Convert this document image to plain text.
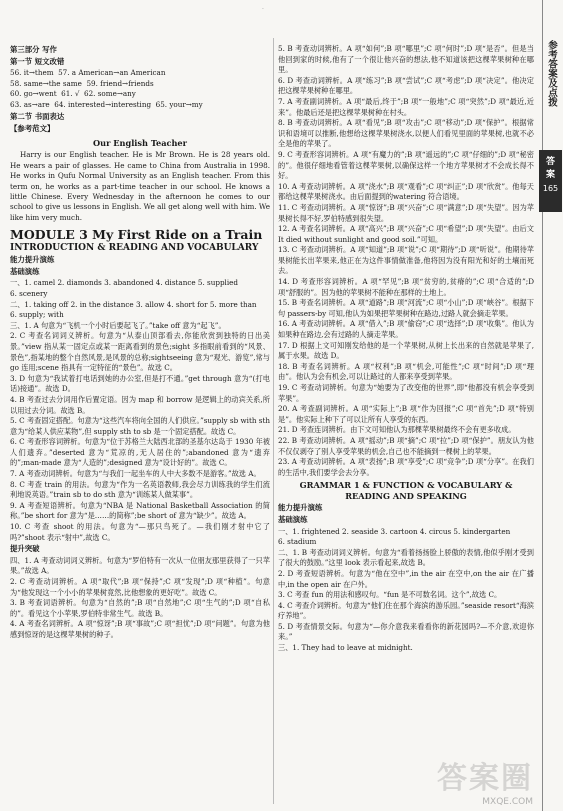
·
第三部分 写作
第一节 短文改错
56. it→them  57. a American→an American
58. same→the same  59. friend→friends
60. go→went  61. √  62. some→any
63. as→are  64. interested→interesting  65. your→my
第二节 书面表达
【参考范文】
Our English Teacher

Harry is our English teacher. He is Mr Brown. He is 28 years old. He wears a pair of glasses. He came to China from Australia in 1998. He works in Qufu Normal University as an English teacher. From this term on, he works as a part-time teacher in our school. He knows a little Chinese. Every Wednesday in the afternoon he comes to our school to give us lessons in English. We all get along well with him. We like him very much.

MODULE 3 My First Ride on a Train
INTRODUCTION & READING AND VOCABULARY
能力提升演练
基础演练
一、1. camel 2. diamonds 3. abandoned 4. distance 5. supplied
6. scenery
二、1. taking off 2. in the distance 3. allow 4. short for 5. more than
6. supply; with
三、1. A 句意为“飞机一个小时后要起飞了。”take off 意为“起飞”。
2. C 考查名词词义辨析。句意为“从泰山顶部看去,你能欣赏到独特的日出美景。”view 指从某一固定点或某一距离看到的景色;sight 多指眼前看到的“风景、景色”,指某地的整个自然风景,是风景的总称;sightseeing 意为“观光、游览”,常与 go 连用;scene 指具有一定特征的“景色”。故选 C。
3. D 句意为“我试着打电话到她的办公室,但是打不通。”get through 意为“(打电话)接通”。故选 D。
4. B 考查过去分词用作后置定语。因为 map 和 borrow 是逻辑上的动宾关系,所以用过去分词。故选 B。
5. C 考查固定搭配。句意为“这些汽车将向全国的人们供应。”supply sb with sth 意为“给某人供应某物”,但 supply sth to sb 是一个固定搭配。故选 C。
6. C 考查形容词辨析。句意为“位于苏格兰大陆西北部的圣基尔达岛于 1930 年被人们遗弃。”deserted 意为“荒凉的,无人居住的”;abandoned 意为“遗弃的”;man-made 意为“人造的”;designed 意为“设计好的”。故选 C。
7. A 考查动词辨析。句意为“与我们一起坐车的人中大多数不是游客。”故选 A。
8. C 考查 train 的用法。句意为“作为一名英语教师,我会尽力训练我的学生们流利地说英语。”train sb to do sth 意为“训练某人做某事”。
9. A 考查短语辨析。句意为“NBA 是 National Basketball Association 的简称。”be short for 意为“是……的简称”;be short of 意为“缺少”。故选 A。
10. C 考查 shoot 的用法。句意为“—那只鸟死了。—我们刚才射中它了吗?”shoot 表示“射中”,故选 C。
提升突破
四、1. A 考查动词词义辨析。句意为“罗伯特有一次从一位朋友那里获得了一只苹果。”故选 A。
2. C 考查动词辨析。A 项“取代”;B 项“保持”;C 项“发现”;D 项“种植”。句意为“他发现这一个小小的苹果树竟然,比他想象的更好吃”。故选 C。
3. B 考查词语辨析。句意为“自然的”;B 项“自然地”;C 项“生气的”;D 项“自私的”。看见这个小苹果,罗伯特非常生气。故选 B。
4. A 考查名词辨析。A 项“惊讶”;B 项“事故”;C 项“担忧”;D 项“问题”。句意为他感到惊讶的是这棵苹果树的种子。
5. B 考查动词辨析。A 项“如何”;B 项“哪里”;C 项“何时”;D 项“是否”。但是当他回到家的时候,他有了一个很让他兴奋的想法,他不知道该把这棵苹果树种在哪里。
6. D 考查动词辨析。A 项“练习”;B 项“尝试”;C 项“考虑”;D 项“决定”。他决定把这棵苹果树种在哪里。
7. A 考查副词辨析。A 项“最后,终于”;B 项“一般地”;C 项“突然”;D 项“最近,近来”。他最后还是把这棵苹果树种在村头。
8. B 考查动词辨析。A 项“看见”;B 项“攻击”;C 项“移动”;D 项“保护”。根据常识和语境可以推断,他想给这棵苹果树浇水,以便人们看见里面的苹果树,也就不必全是他的苹果了。
9. C 考查形容词辨析。A 项“有魔力的”;B 项“遥远的”;C 项“仔细的”;D 项“秘密的”。他很仔细地看管着这棵苹果树,以确保这样一个地方苹果树才不会成长得不好。
10. A 考查动词辨析。A 项“浇水”;B 项“观看”;C 项“纠正”;D 项“欣赏”。他每天都给这棵苹果树浇水。由后面提到的watering 符合语境。
11. C 考查动词辨析。A 项“惊讶”;B 项“兴奋”;C 项“满意”;D 项“失望”。因为苹果树长得不好,罗伯特感到很失望。
12. A 考查名词辨析。A 项“高兴”;B 项“兴奋”;C 项“希望”;D 项“失望”。由后文 It died without sunlight and good soil.”可知。
13. C 考查动词辨析。A 项“知道”;B 项“说”;C 项“期待”;D 项“听说”。他期待苹果树能长出苹果来,他正在为这件事情做准备,他将因为没有阳光和好的土壤而死去。
14. D 考查形容词辨析。A 项“罕见”;B 项“贫穷的,贫瘠的”;C 项“合适的”;D 项“舒服的”。因为他的苹果树不能种在那样的土地上。
15. B 考查名词辨析。A 项“道路”;B 项“河流”;C 项“小山”;D 项“峡谷”。根据下句 passers-by 可知,他认为如果把苹果树种在路边,过路人就会摘走苹果。
16. A 考查动词辨析。A 项“借入”;B 项“偷窃”;C 项“选择”;D 项“收集”。他认为如果种在路边,会有过路的人摘走苹果。
17. D 根据上文可知刚发给他的是一个苹果树,从树上长出来的自然就是苹果了,属于水果。故选 D。
18. B 考查名词辨析。A 项“权利”;B 项“机会,可能性”;C 项“时间”;D 项“理由”。他认为会有机会,可以让路过的人都来享受到苹果。
19. C 考查动词辨析。句意为“她要为了改变他的世界”,即“他都没有机会享受到苹果”。
20. A 考查副词辨析。A 项“实际上”;B 项“作为回报”;C 项“首先”;D 项“特别是”。他实际上种下了可以让所有人享受的东西。
21. D 考查连词辨析。由下文可知他认为那棵苹果树最终不会有更多收成。
22. B 考查动词辨析。A 项“摇动”;B 项“摘”;C 项“拉”;D 项“保护”。朋友认为他不仅仅剥夺了别人享受苹果的机会,自己也不能摘到一棵树上的苹果。
23. A 考查动词辨析。A 项“表扬”;B 项“享受”;C 项“竞争”;D 项“分享”。在我们的生活中,我们要学会去分享。
GRAMMAR 1 & FUNCTION & VOCABULARY & READING AND SPEAKING
能力提升演练
基础演练
一、1. frightened 2. seaside 3. cartoon 4. circus 5. kindergarten
6. stadium
二、1. B 考查动词词义辨析。句意为“看着扬扬脸上骄傲的表情,他似乎刚才受到了很大的鼓励。”这里 look 表示看起来,故选 B。
2. D 考查短语辨析。句意为“他在空中”,in the air 在空中,on the air 在广播中,in the open air 在户外。
3. C 考查 fun 的用法和感叹句。“fun 是不可数名词。这个”,故选 C。
4. C 考查介词辨析。句意为“他们住在那个海滨的游乐园。”seaside resort“海滨疗养地”。
5. D 考查情景交际。句意为“—你介意我来看看你的新花园吗?—不介意,欢迎你来。”
三、1. They had to leave at midnight.
参考答案及点拨
答
案
165
答案圈
MXQE.COM
